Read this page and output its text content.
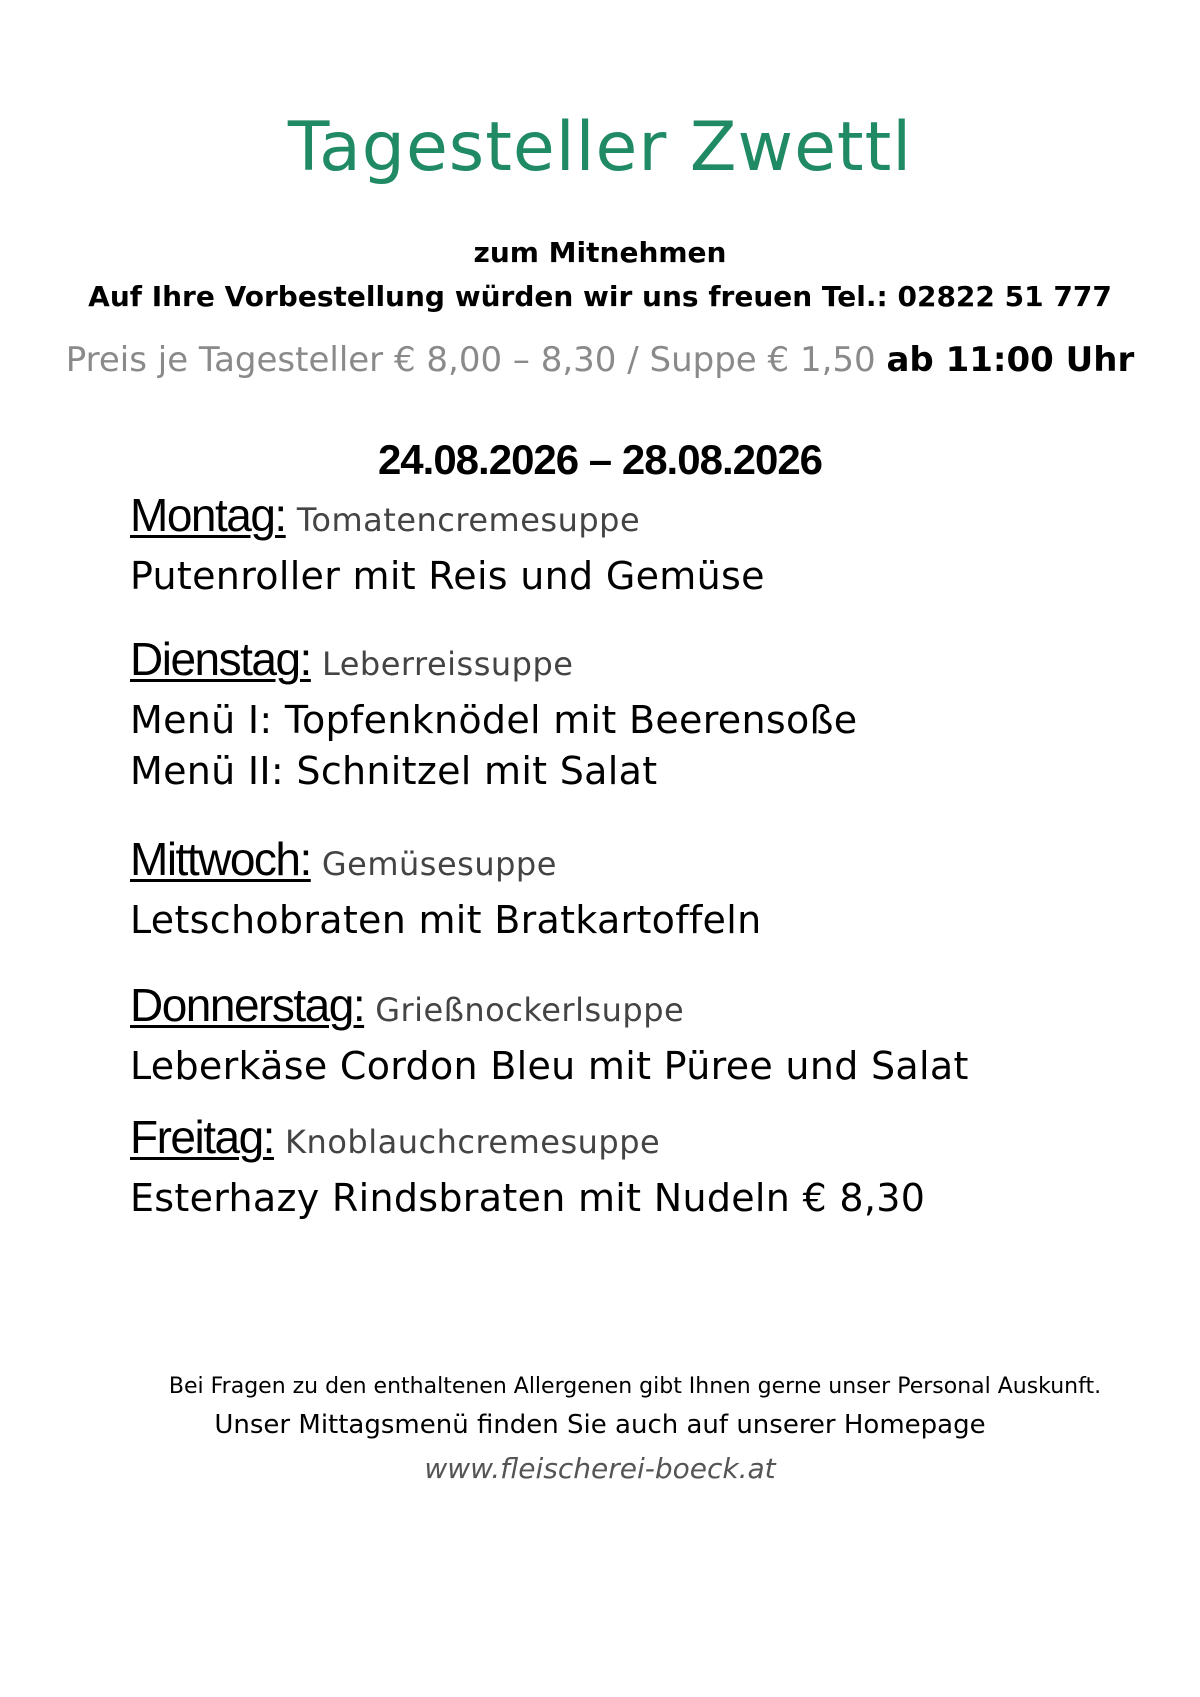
Tagesteller Zwettl
zum Mitnehmen
Auf Ihre Vorbestellung würden wir uns freuen Tel.: 02822 51 777
Preis je Tagesteller € 8,00 – 8,30 / Suppe € 1,50 ab 11:00 Uhr
24.08.2026 – 28.08.2026
Montag: Tomatencremesuppe
Putenroller mit Reis und Gemüse
Dienstag: Leberreissuppe
Menü I: Topfenknödel mit Beerensoße
Menü II: Schnitzel mit Salat
Mittwoch: Gemüsesuppe
Letschobraten mit Bratkartoffeln
Donnerstag: Grießnockerlsuppe
Leberkäse Cordon Bleu mit Püree und Salat
Freitag: Knoblauchcremesuppe
Esterhazy Rindsbraten mit Nudeln € 8,30
Bei Fragen zu den enthaltenen Allergenen gibt Ihnen gerne unser Personal Auskunft.
Unser Mittagsmenü finden Sie auch auf unserer Homepage
www.fleischerei-boeck.at
